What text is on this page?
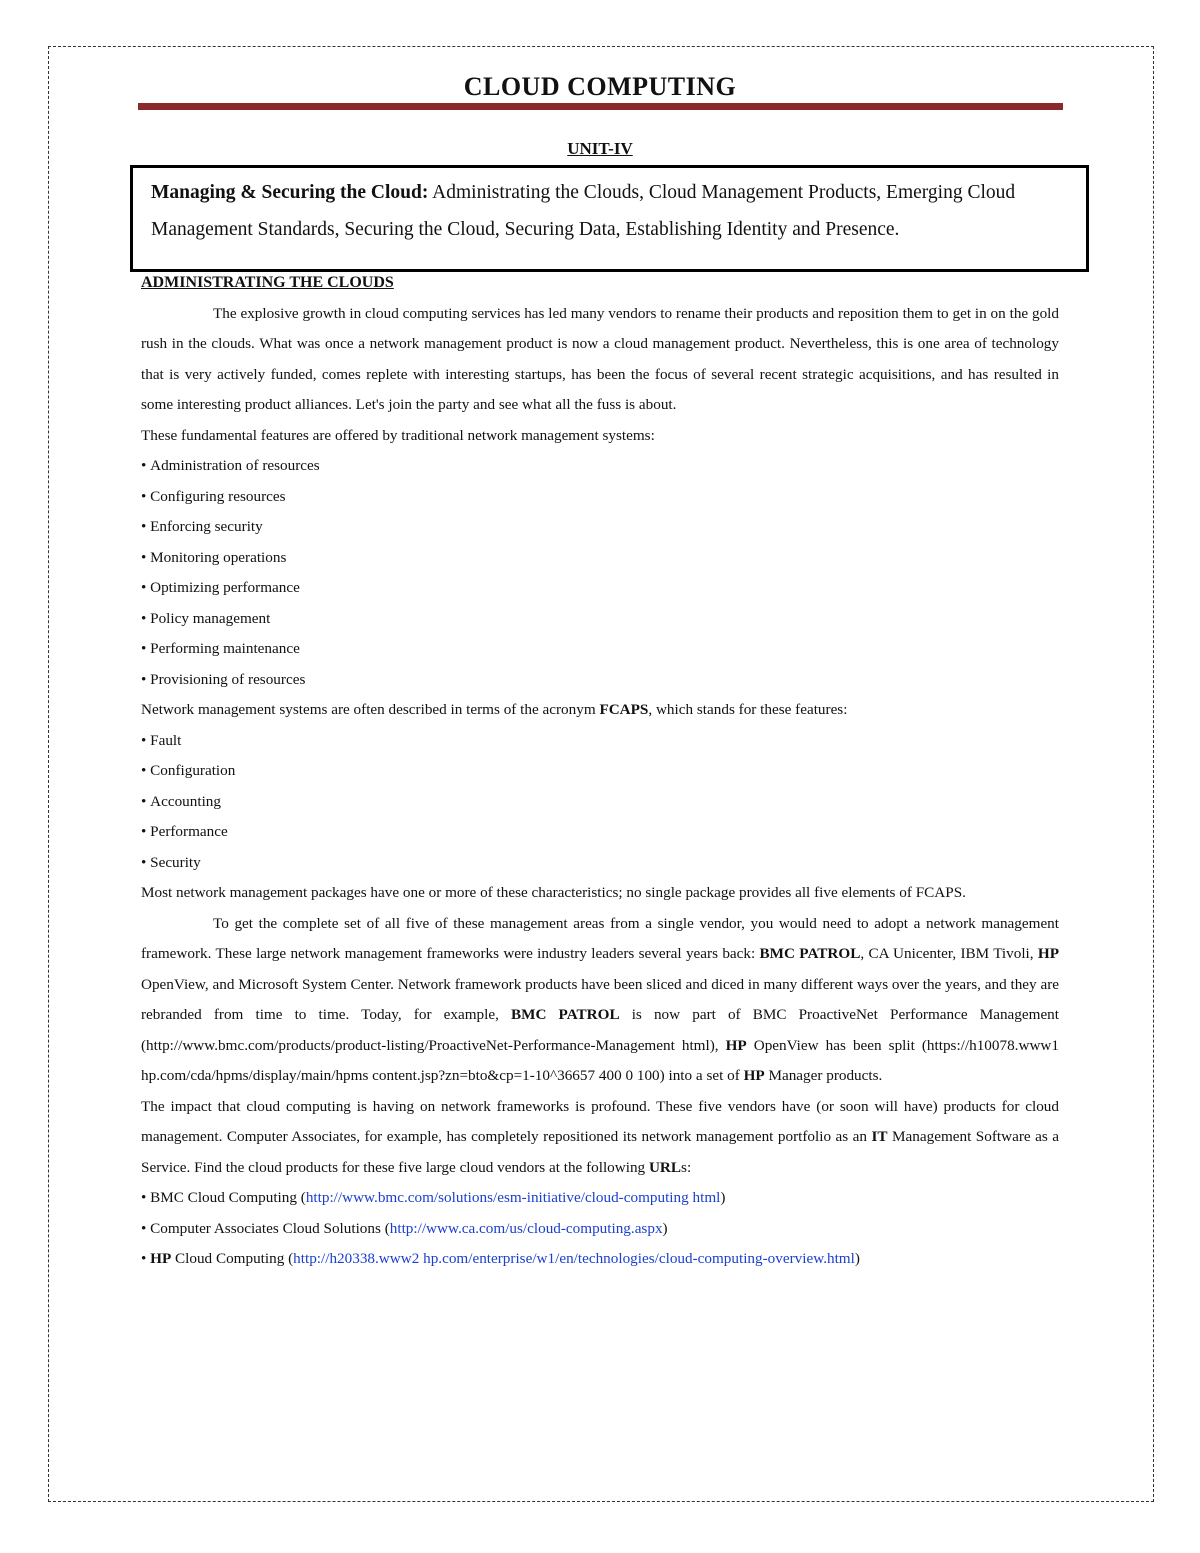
CLOUD COMPUTING
UNIT-IV
Managing & Securing the Cloud: Administrating the Clouds, Cloud Management Products, Emerging Cloud Management Standards, Securing the Cloud, Securing Data, Establishing Identity and Presence.

ADMINISTRATING THE CLOUDS

The explosive growth in cloud computing services has led many vendors to rename their products and reposition them to get in on the gold rush in the clouds. What was once a network management product is now a cloud management product. Nevertheless, this is one area of technology that is very actively funded, comes replete with interesting startups, has been the focus of several recent strategic acquisitions, and has resulted in some interesting product alliances. Let's join the party and see what all the fuss is about.

These fundamental features are offered by traditional network management systems:

• Administration of resources

• Configuring resources

• Enforcing security

• Monitoring operations

• Optimizing performance

• Policy management

• Performing maintenance

• Provisioning of resources

Network management systems are often described in terms of the acronym FCAPS, which stands for these features:

• Fault

• Configuration

• Accounting

• Performance

• Security

Most network management packages have one or more of these characteristics; no single package provides all five elements of FCAPS.

To get the complete set of all five of these management areas from a single vendor, you would need to adopt a network management framework. These large network management frameworks were industry leaders several years back: BMC PATROL, CA Unicenter, IBM Tivoli, HP OpenView, and Microsoft System Center. Network framework products have been sliced and diced in many different ways over the years, and they are rebranded from time to time. Today, for example, BMC PATROL is now part of BMC ProactiveNet Performance Management (http://www.bmc.com/products/product-listing/ProactiveNet-Performance-Management html), HP OpenView has been split (https://h10078.www1 hp.com/cda/hpms/display/main/hpms content.jsp?zn=bto&cp=1-10^36657 400 0 100) into a set of HP Manager products.

The impact that cloud computing is having on network frameworks is profound. These five vendors have (or soon will have) products for cloud management. Computer Associates, for example, has completely repositioned its network management portfolio as an IT Management Software as a Service. Find the cloud products for these five large cloud vendors at the following URLs:

• BMC Cloud Computing (http://www.bmc.com/solutions/esm-initiative/cloud-computing html)

• Computer Associates Cloud Solutions (http://www.ca.com/us/cloud-computing.aspx)

• HP Cloud Computing (http://h20338.www2 hp.com/enterprise/w1/en/technologies/cloud-computing-overview.html)
